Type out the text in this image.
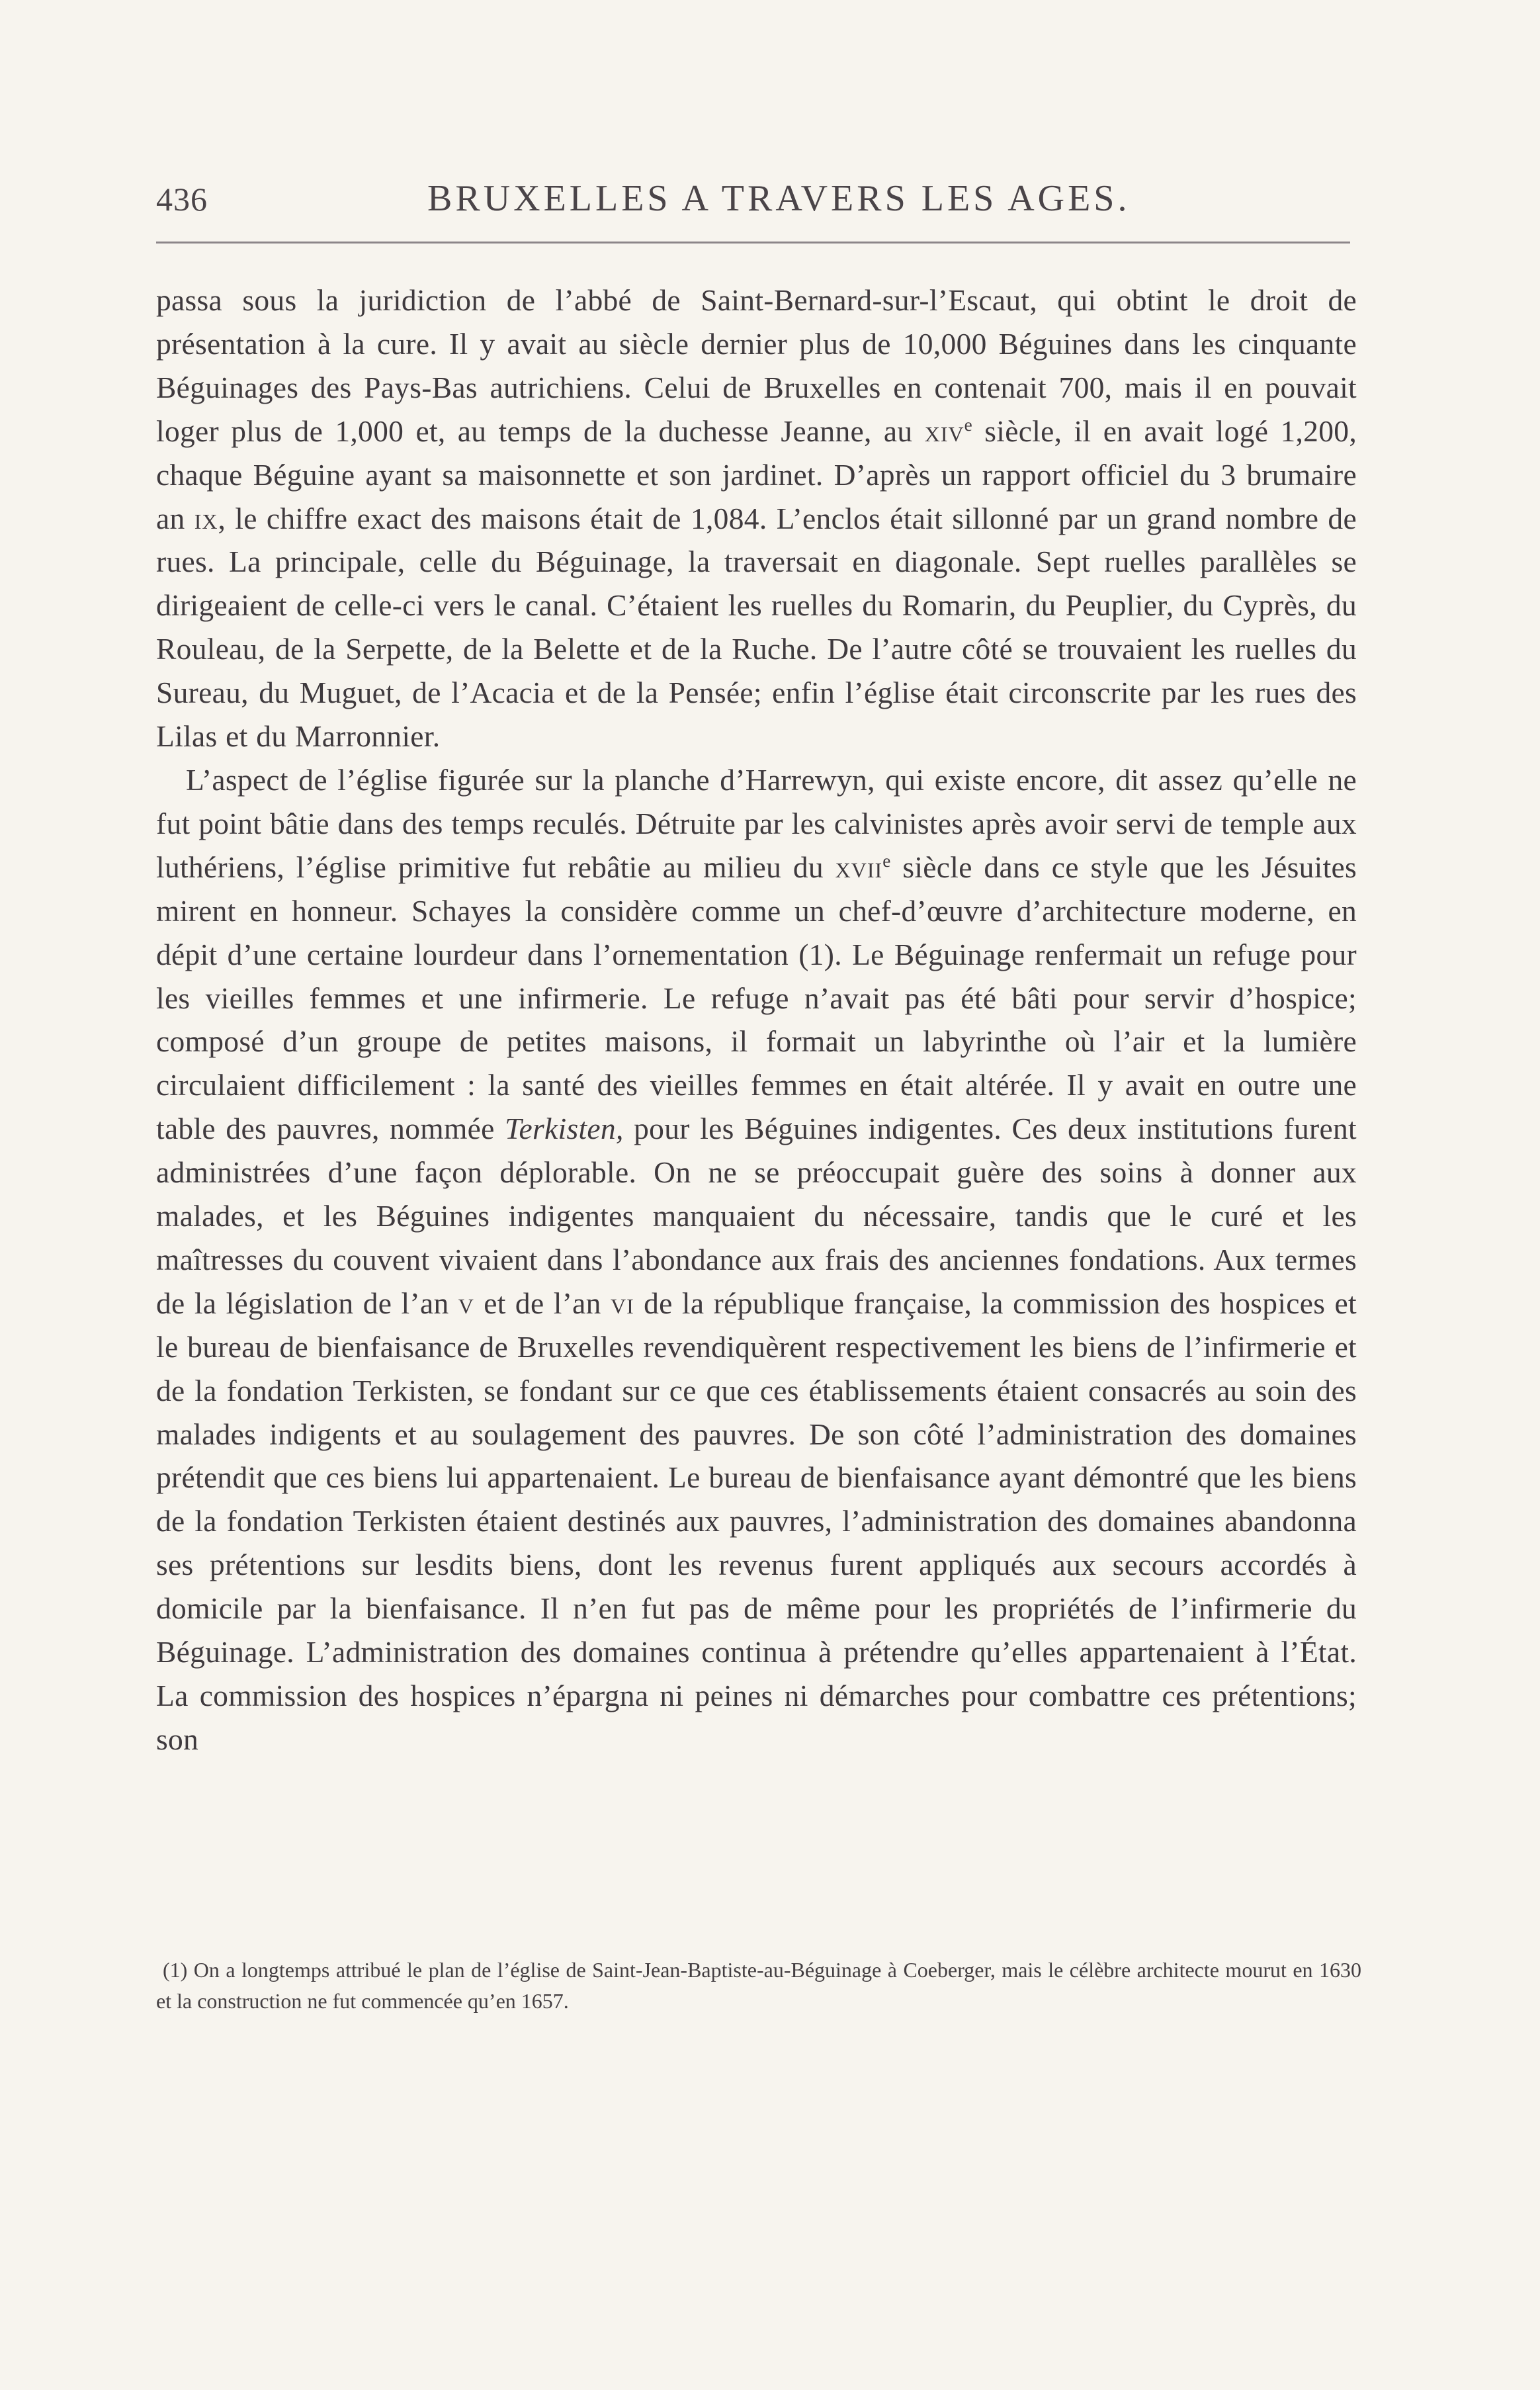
436	BRUXELLES A TRAVERS LES AGES.

passa sous la juridiction de l’abbé de Saint-Bernard-sur-l’Escaut, qui obtint le droit de présentation à la cure. Il y avait au siècle dernier plus de 10,000 Béguines dans les cinquante Béguinages des Pays-Bas autrichiens. Celui de Bruxelles en contenait 700, mais il en pouvait loger plus de 1,000 et, au temps de la duchesse Jeanne, au xiv$^e$ siècle, il en avait logé 1,200, chaque Béguine ayant sa maisonnette et son jardinet. D’après un rapport officiel du 3 brumaire an ix, le chiffre exact des maisons était de 1,084. L’enclos était sillonné par un grand nombre de rues. La principale, celle du Béguinage, la traversait en diagonale. Sept ruelles parallèles se dirigeaient de celle-ci vers le canal. C’étaient les ruelles du Romarin, du Peuplier, du Cyprès, du Rouleau, de la Serpette, de la Belette et de la Ruche. De l’autre côté se trouvaient les ruelles du Sureau, du Muguet, de l’Acacia et de la Pensée; enfin l’église était circonscrite par les rues des Lilas et du Marronnier.

L’aspect de l’église figurée sur la planche d’Harrewyn, qui existe encore, dit assez qu’elle ne fut point bâtie dans des temps reculés. Détruite par les calvinistes après avoir servi de temple aux luthériens, l’église primitive fut rebâtie au milieu du xvii$^e$ siècle dans ce style que les Jésuites mirent en honneur. Schayes la considère comme un chef-d’œuvre d’architecture moderne, en dépit d’une certaine lourdeur dans l’ornementation (1). Le Béguinage renfermait un refuge pour les vieilles femmes et une infirmerie. Le refuge n’avait pas été bâti pour servir d’hospice; composé d’un groupe de petites maisons, il formait un labyrinthe où l’air et la lumière circulaient difficilement : la santé des vieilles femmes en était altérée. Il y avait en outre une table des pauvres, nommée Terkisten, pour les Béguines indigentes. Ces deux institutions furent administrées d’une façon déplorable. On ne se préoccupait guère des soins à donner aux malades, et les Béguines indigentes manquaient du nécessaire, tandis que le curé et les maîtresses du couvent vivaient dans l’abondance aux frais des anciennes fondations. Aux termes de la législation de l’an v et de l’an vi de la république française, la commission des hospices et le bureau de bienfaisance de Bruxelles revendiquèrent respectivement les biens de l’infirmerie et de la fondation Terkisten, se fondant sur ce que ces établissements étaient consacrés au soin des malades indigents et au soulagement des pauvres. De son côté l’administration des domaines prétendit que ces biens lui appartenaient. Le bureau de bienfaisance ayant démontré que les biens de la fondation Terkisten étaient destinés aux pauvres, l’administration des domaines abandonna ses prétentions sur lesdits biens, dont les revenus furent appliqués aux secours accordés à domicile par la bienfaisance. Il n’en fut pas de même pour les propriétés de l’infirmerie du Béguinage. L’administration des domaines continua à prétendre qu’elles appartenaient à l’État. La commission des hospices n’épargna ni peines ni démarches pour combattre ces prétentions; son

(1) On a longtemps attribué le plan de l’église de Saint-Jean-Baptiste-au-Béguinage à Coeberger, mais le célèbre architecte mourut en 1630 et la construction ne fut commencée qu’en 1657.
